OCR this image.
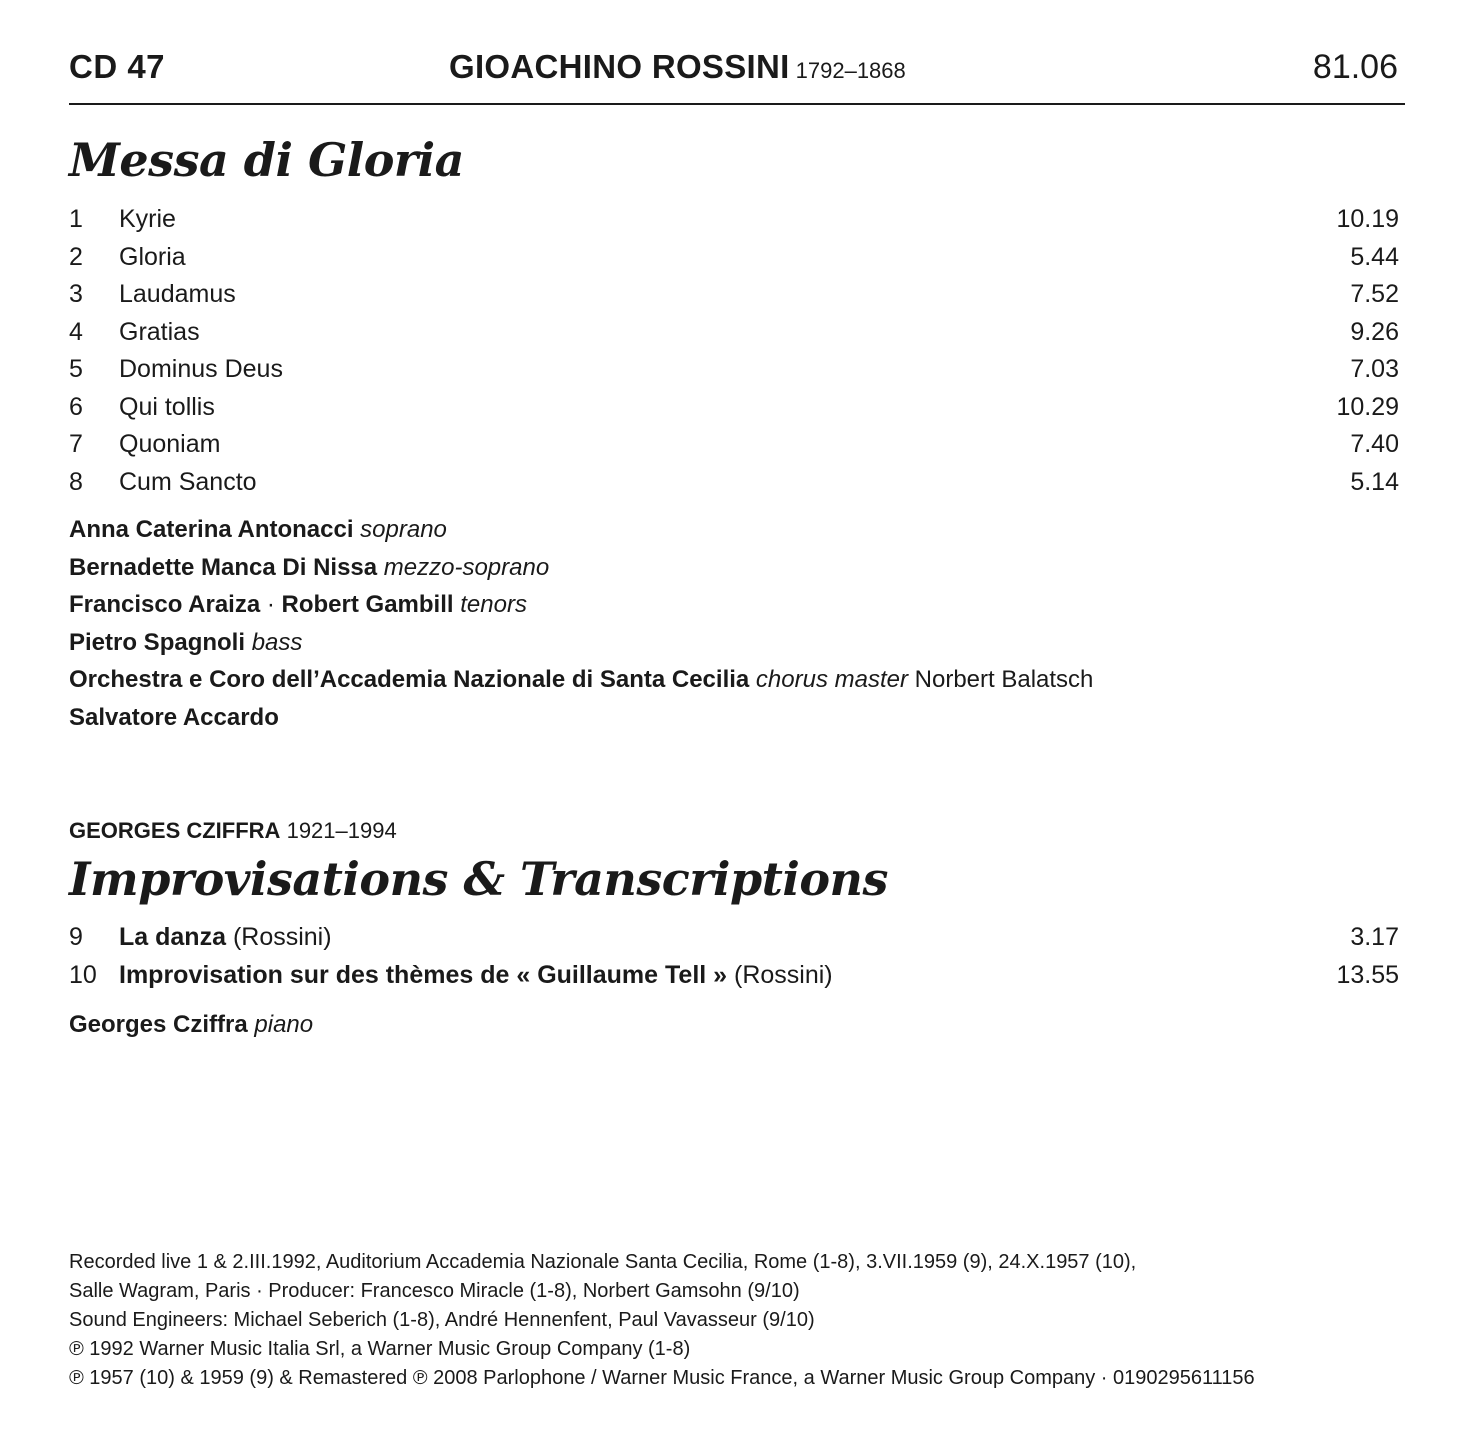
CD 47	GIOACHINO ROSSINI 1792–1868	81.06
Messa di Gloria
1 Kyrie	10.19
2 Gloria	5.44
3 Laudamus	7.52
4 Gratias	9.26
5 Dominus Deus	7.03
6 Qui tollis	10.29
7 Quoniam	7.40
8 Cum Sancto	5.14
Anna Caterina Antonacci soprano
Bernadette Manca Di Nissa mezzo-soprano
Francisco Araiza · Robert Gambill tenors
Pietro Spagnoli bass
Orchestra e Coro dell’Accademia Nazionale di Santa Cecilia chorus master Norbert Balatsch
Salvatore Accardo
GEORGES CZIFFRA 1921–1994
Improvisations & Transcriptions
9 La danza (Rossini)	3.17
10 Improvisation sur des thèmes de « Guillaume Tell » (Rossini)	13.55
Georges Cziffra piano
Recorded live 1 & 2.III.1992, Auditorium Accademia Nazionale Santa Cecilia, Rome (1-8), 3.VII.1959 (9), 24.X.1957 (10),
Salle Wagram, Paris · Producer: Francesco Miracle (1-8), Norbert Gamsohn (9/10)
Sound Engineers: Michael Seberich (1-8), André Hennenfent, Paul Vavasseur (9/10)
℗ 1992 Warner Music Italia Srl, a Warner Music Group Company (1-8)
℗ 1957 (10) & 1959 (9) & Remastered ℗ 2008 Parlophone / Warner Music France, a Warner Music Group Company · 0190295611156
